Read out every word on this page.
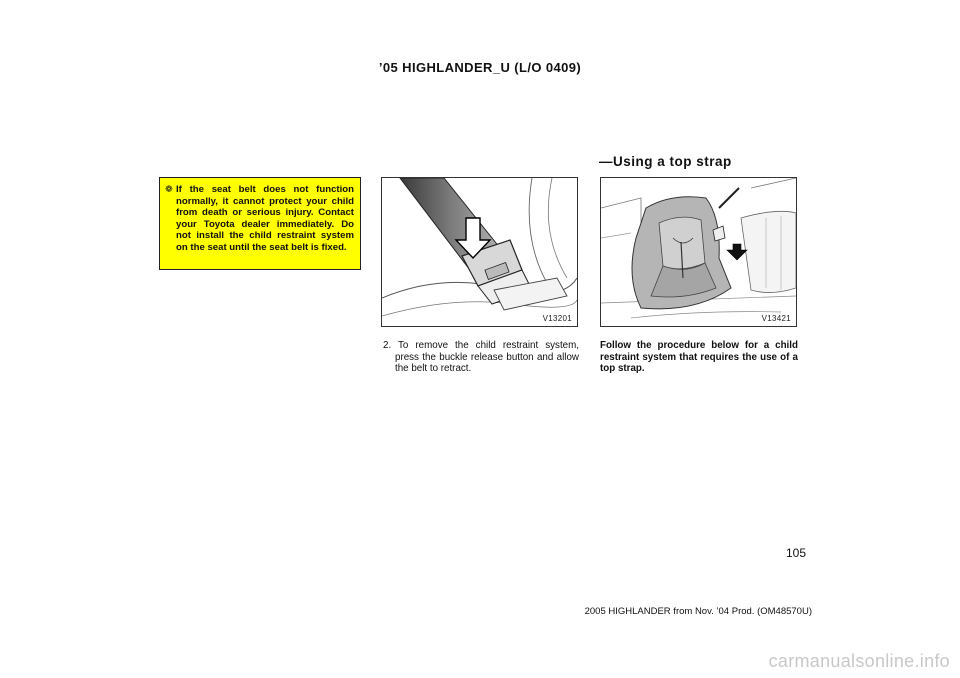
’05 HIGHLANDER_U (L/O 0409)
❁ If the seat belt does not function normally, it cannot protect your child from death or serious injury. Contact your Toyota dealer immediately. Do not install the child restraint system on the seat until the seat belt is fixed.
V13201
—Using a top strap
V13421
2. To remove the child restraint system, press the buckle release button and allow the belt to retract.
Follow the procedure below for a child restraint system that requires the use of a top strap.
105
2005 HIGHLANDER from Nov. ’04 Prod. (OM48570U)
carmanualsonline.info
